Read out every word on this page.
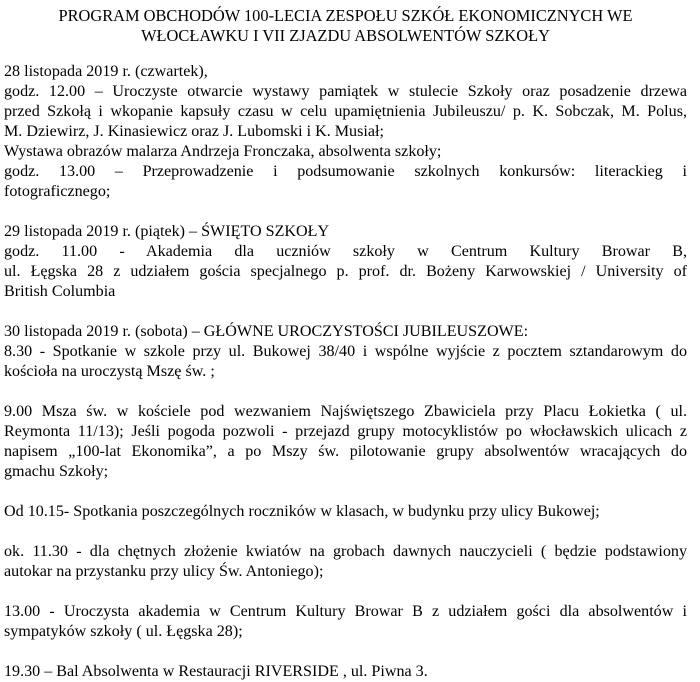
PROGRAM OBCHODÓW 100-LECIA ZESPOŁU SZKÓŁ EKONOMICZNYCH WE
WŁOCŁAWKU I VII ZJAZDU ABSOLWENTÓW SZKOŁY
28 listopada 2019 r. (czwartek),
godz. 12.00 – Uroczyste otwarcie wystawy pamiątek w stulecie Szkoły oraz posadzenie drzewa
przed Szkołą i wkopanie kapsuły czasu w celu upamiętnienia Jubileuszu/ p. K. Sobczak, M. Polus,
M. Dziewirz, J. Kinasiewicz oraz J. Lubomski i K. Musiał;
Wystawa obrazów malarza Andrzeja Fronczaka, absolwenta szkoły;
godz. 13.00 – Przeprowadzenie i podsumowanie szkolnych konkursów: literackieg i
fotograficznego;
29 listopada 2019 r. (piątek) – ŚWIĘTO SZKOŁY
godz. 11.00 - Akademia dla uczniów szkoły w Centrum Kultury Browar B,
ul. Łęgska 28 z udziałem gościa specjalnego p. prof. dr. Bożeny Karwowskiej / University of
British Columbia
30 listopada 2019 r. (sobota) – GŁÓWNE UROCZYSTOŚCI JUBILEUSZOWE:
8.30 - Spotkanie w szkole przy ul. Bukowej 38/40 i wspólne wyjście z pocztem sztandarowym do
kościoła na uroczystą Mszę św. ;
9.00 Msza św. w kościele pod wezwaniem Najświętszego Zbawiciela przy Placu Łokietka ( ul.
Reymonta 11/13); Jeśli pogoda pozwoli - przejazd grupy motocyklistów po włocławskich ulicach z
napisem „100-lat Ekonomika”, a po Mszy św. pilotowanie grupy absolwentów wracających do
gmachu Szkoły;
Od 10.15- Spotkania poszczególnych roczników w klasach, w budynku przy ulicy Bukowej;
ok. 11.30 - dla chętnych złożenie kwiatów na grobach dawnych nauczycieli ( będzie podstawiony
autokar na przystanku przy ulicy Św. Antoniego);
13.00 - Uroczysta akademia w Centrum Kultury Browar B z udziałem gości dla absolwentów i
sympatyków szkoły ( ul. Łęgska 28);
19.30 – Bal Absolwenta w Restauracji RIVERSIDE , ul. Piwna 3.
